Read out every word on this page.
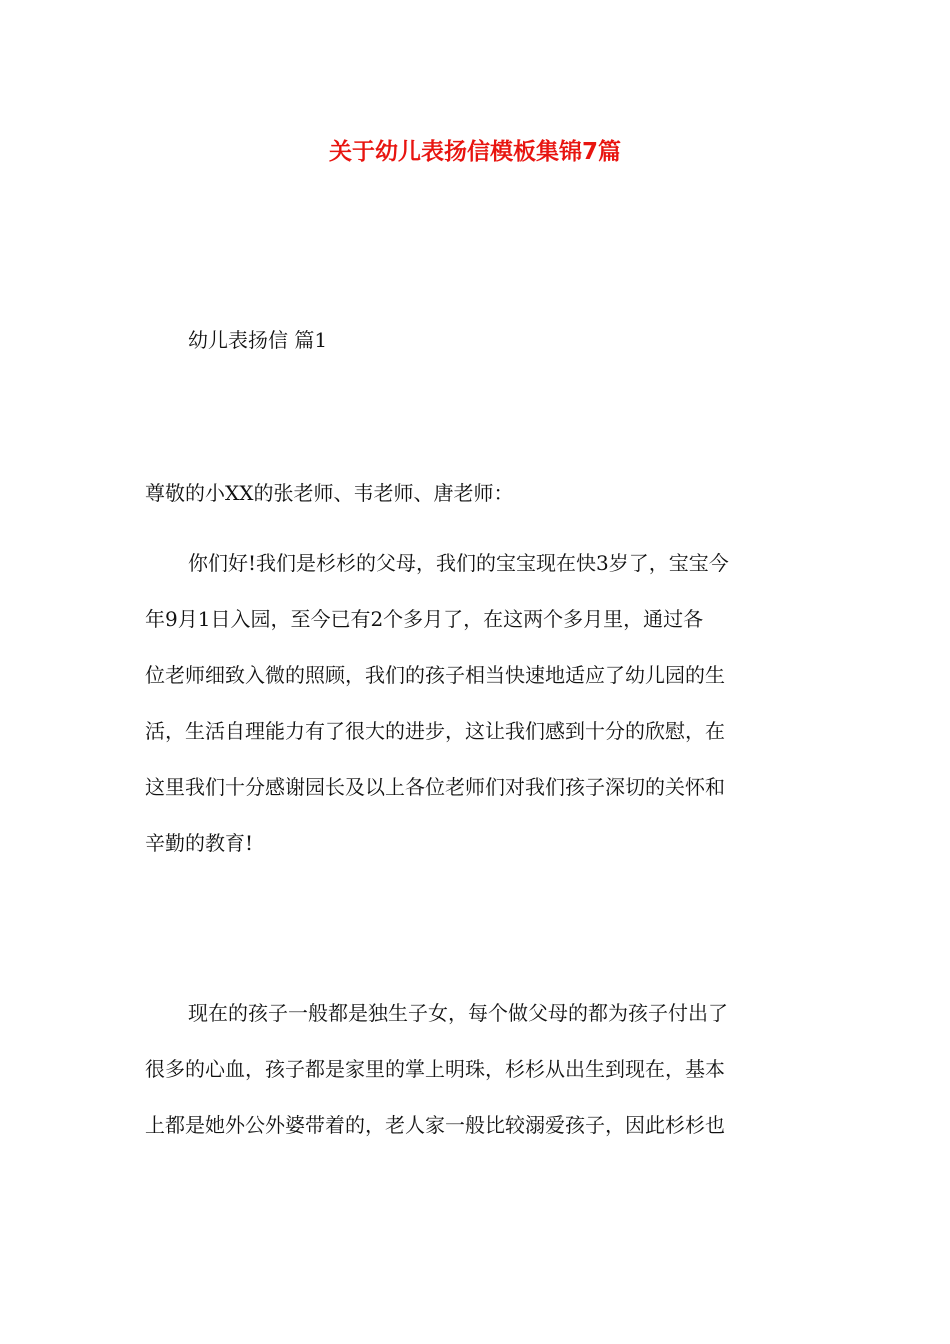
关于幼儿表扬信模板集锦7篇

幼儿表扬信 篇1

尊敬的小XX的张老师、韦老师、唐老师：

你们好!我们是杉杉的父母，我们的宝宝现在快3岁了，宝宝今
年9月1日入园，至今已有2个多月了，在这两个多月里，通过各
位老师细致入微的照顾，我们的孩子相当快速地适应了幼儿园的生
活，生活自理能力有了很大的进步，这让我们感到十分的欣慰，在
这里我们十分感谢园长及以上各位老师们对我们孩子深切的关怀和
辛勤的教育!
现在的孩子一般都是独生子女，每个做父母的都为孩子付出了
很多的心血，孩子都是家里的掌上明珠，杉杉从出生到现在，基本
上都是她外公外婆带着的，老人家一般比较溺爱孩子，因此杉杉也
